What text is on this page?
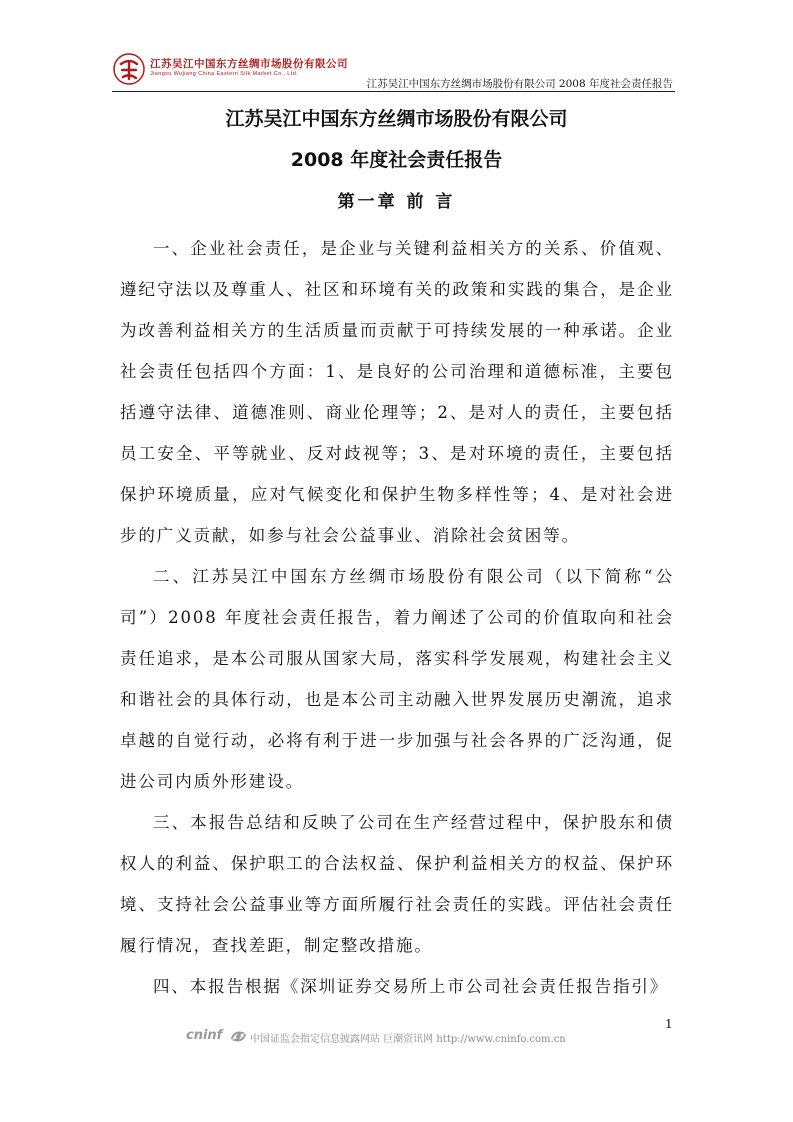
江苏吴江中国东方丝绸市场股份有限公司
Jiangsu Wujiang China Eastern Silk Market Co., Ltd.
江苏吴江中国东方丝绸市场股份有限公司 2008 年度社会责任报告
江苏吴江中国东方丝绸市场股份有限公司
2008 年度社会责任报告
第一章 前 言

一、企业社会责任，是企业与关键利益相关方的关系、价值观、遵纪守法以及尊重人、社区和环境有关的政策和实践的集合，是企业为改善利益相关方的生活质量而贡献于可持续发展的一种承诺。企业社会责任包括四个方面：1、是良好的公司治理和道德标准，主要包括遵守法律、道德准则、商业伦理等；2、是对人的责任，主要包括员工安全、平等就业、反对歧视等；3、是对环境的责任，主要包括保护环境质量，应对气候变化和保护生物多样性等；4、是对社会进步的广义贡献，如参与社会公益事业、消除社会贫困等。

二、江苏吴江中国东方丝绸市场股份有限公司（以下简称“公司”）2008 年度社会责任报告，着力阐述了公司的价值取向和社会责任追求，是本公司服从国家大局，落实科学发展观，构建社会主义和谐社会的具体行动，也是本公司主动融入世界发展历史潮流，追求卓越的自觉行动，必将有利于进一步加强与社会各界的广泛沟通，促进公司内质外形建设。

三、本报告总结和反映了公司在生产经营过程中，保护股东和债权人的利益、保护职工的合法权益、保护利益相关方的权益、保护环境、支持社会公益事业等方面所履行社会责任的实践。评估社会责任履行情况，查找差距，制定整改措施。

四、本报告根据《深圳证券交易所上市公司社会责任报告指引》

1
cninf	中国证监会指定信息披露网站 巨潮资讯网 http://www.cninfo.com.cn
